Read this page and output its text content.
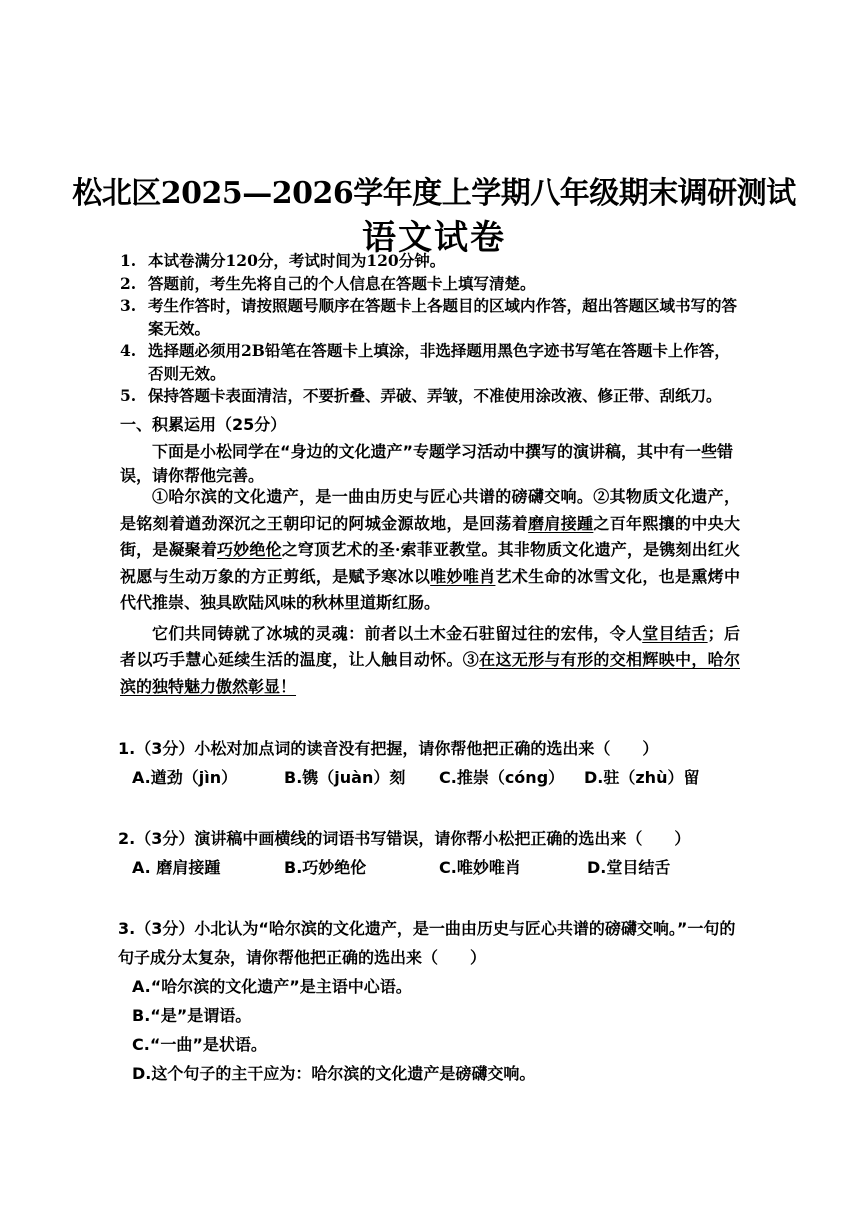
松北区2025—2026学年度上学期八年级期末调研测试
语文试卷
1. 本试卷满分120分，考试时间为120分钟。
2. 答题前，考生先将自己的个人信息在答题卡上填写清楚。
3. 考生作答时，请按照题号顺序在答题卡上各题目的区域内作答，超出答题区域书写的答案无效。
4. 选择题必须用2B铅笔在答题卡上填涂，非选择题用黑色字迹书写笔在答题卡上作答，否则无效。
5. 保持答题卡表面清洁，不要折叠、弄破、弄皱，不准使用涂改液、修正带、刮纸刀。
一、积累运用（25分）
下面是小松同学在“身边的文化遗产”专题学习活动中撰写的演讲稿，其中有一些错误，请你帮他完善。

①哈尔滨的文化遗产，是一曲由历史与匠心共谱的磅礴交响。②其物质文化遗产，是铭刻着遒劲深沉之王朝印记的阿城金源故地，是回荡着磨肩接踵之百年熙攘的中央大街，是凝聚着巧妙绝伦之穹顶艺术的圣·索菲亚教堂。其非物质文化遗产，是镌刻出红火祝愿与生动万象的方正剪纸，是赋予寒冰以唯妙唯肖艺术生命的冰雪文化，也是熏烤中代代推崇、独具欧陆风味的秋林里道斯红肠。

它们共同铸就了冰城的灵魂：前者以土木金石驻留过往的宏伟，令人堂目结舌；后者以巧手慧心延续生活的温度，让人触目动怀。③在这无形与有形的交相辉映中，哈尔滨的独特魅力傲然彰显！

1.（3分）小松对加点词的读音没有把握，请你帮他把正确的选出来（　　）
A.遒劲（jìn）	B.镌（juàn）刻	C.推崇（cóng）	D.驻（zhù）留
2.（3分）演讲稿中画横线的词语书写错误，请你帮小松把正确的选出来（　　）
A. 磨肩接踵	B.巧妙绝伦	C.唯妙唯肖	D.堂目结舌
3.（3分）小北认为“哈尔滨的文化遗产，是一曲由历史与匠心共谱的磅礴交响。”一句的句子成分太复杂，请你帮他把正确的选出来（　　）
A.“哈尔滨的文化遗产”是主语中心语。
B.“是”是谓语。
C.“一曲”是状语。
D.这个句子的主干应为：哈尔滨的文化遗产是磅礴交响。
